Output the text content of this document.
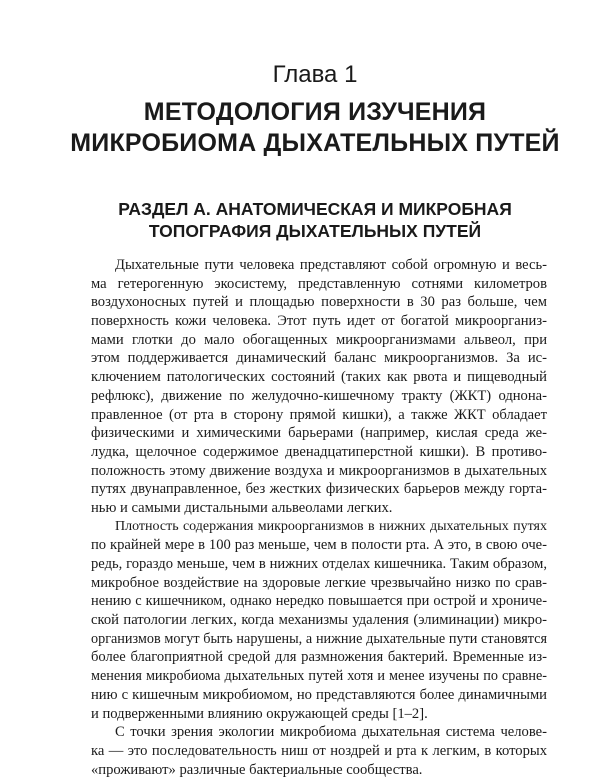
Глава 1
МЕТОДОЛОГИЯ ИЗУЧЕНИЯ
МИКРОБИОМА ДЫХАТЕЛЬНЫХ ПУТЕЙ
РАЗДЕЛ А. АНАТОМИЧЕСКАЯ И МИКРОБНАЯ
ТОПОГРАФИЯ ДЫХАТЕЛЬНЫХ ПУТЕЙ
Дыхательные пути человека представляют собой огромную и весь-
ма гетерогенную экосистему, представленную сотнями километров
воздухоносных путей и площадью поверхности в 30 раз больше, чем
поверхность кожи человека. Этот путь идет от богатой микроорганиз-
мами глотки до мало обогащенных микроорганизмами альвеол, при
этом поддерживается динамический баланс микроорганизмов. За ис-
ключением патологических состояний (таких как рвота и пищеводный
рефлюкс), движение по желудочно-кишечному тракту (ЖКТ) однона-
правленное (от рта в сторону прямой кишки), а также ЖКТ обладает
физическими и химическими барьерами (например, кислая среда же-
лудка, щелочное содержимое двенадцатиперстной кишки). В противо-
положность этому движение воздуха и микроорганизмов в дыхательных
путях двунаправленное, без жестких физических барьеров между горта-
нью и самыми дистальными альвеолами легких.
Плотность содержания микроорганизмов в нижних дыхательных путях
по крайней мере в 100 раз меньше, чем в полости рта. А это, в свою оче-
редь, гораздо меньше, чем в нижних отделах кишечника. Таким образом,
микробное воздействие на здоровые легкие чрезвычайно низко по срав-
нению с кишечником, однако нередко повышается при острой и хрониче-
ской патологии легких, когда механизмы удаления (элиминации) микро-
организмов могут быть нарушены, а нижние дыхательные пути становятся
более благоприятной средой для размножения бактерий. Временные из-
менения микробиома дыхательных путей хотя и менее изучены по сравне-
нию с кишечным микробиомом, но представляются более динамичными
и подверженными влиянию окружающей среды [1–2].
С точки зрения экологии микробиома дыхательная система челове-
ка — это последовательность ниш от ноздрей и рта к легким, в которых
«проживают» различные бактериальные сообщества.
